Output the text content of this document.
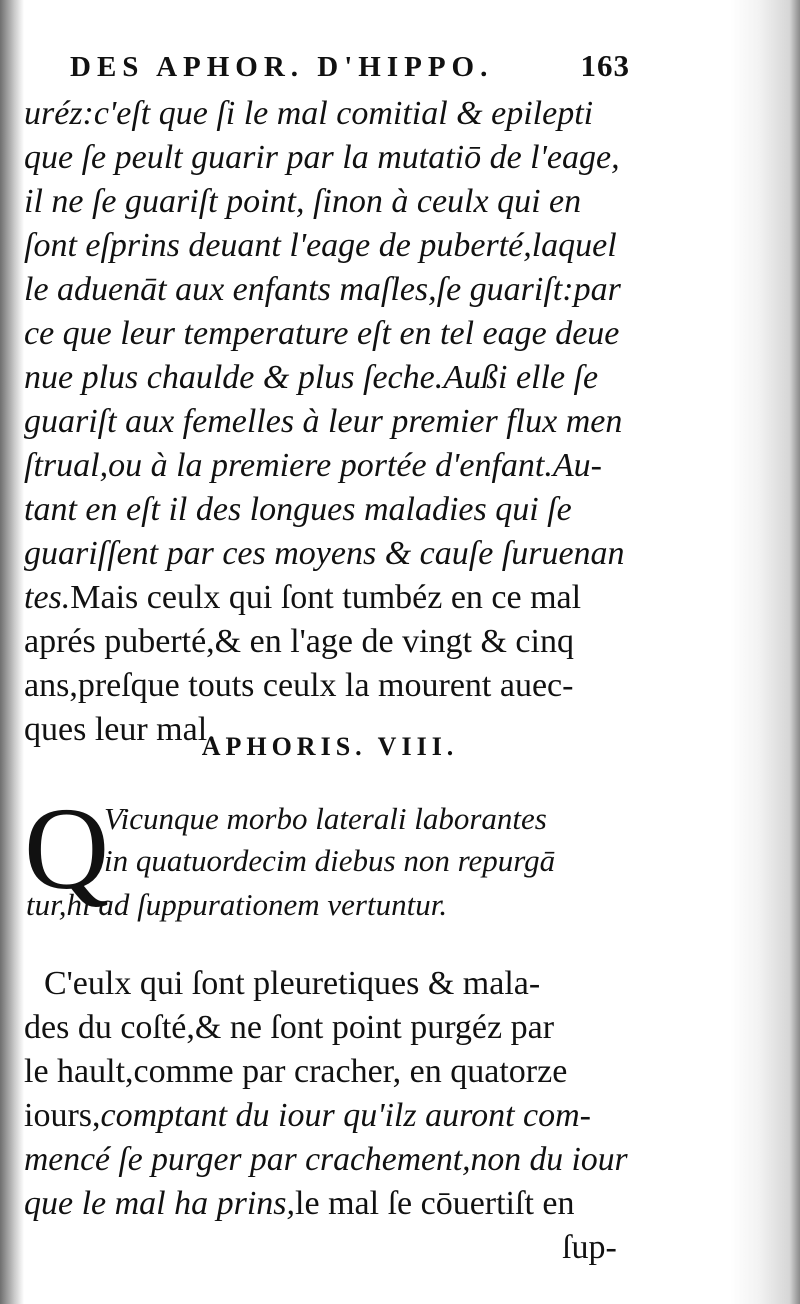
DES APHOR. D'HIPPO.	163
uréz:c'eſt que ſi le mal comitial & epilepti
que ſe peult guarir par la mutatiō de l'eage,
il ne ſe guariſt point, ſinon à ceulx qui en
ſont eſprins deuant l'eage de puberté,laquel
le aduenāt aux enfants maſles,ſe guariſt:par
ce que leur temperature eſt en tel eage deue
nue plus chaulde & plus ſeche.Außi elle ſe
guariſt aux femelles à leur premier flux men
ſtrual,ou à la premiere portée d'enfant.Au-
tant en eſt il des longues maladies qui ſe
guariſſent par ces moyens & cauſe ſuruenan
tes.Mais ceulx qui ſont tumbéz en ce mal
aprés puberté,& en l'age de vingt & cinq
ans,preſque touts ceulx la mourent auec-
ques leur mal.
APHORIS. VIII.
Q
Vicunque morbo laterali laborantes
in quatuordecim diebus non repurgā
tur,hi ad ſuppurationem vertuntur.
C'eulx qui ſont pleuretiques & mala-
des du coſté,& ne ſont point purgéz par
le hault,comme par cracher, en quatorze
iours,comptant du iour qu'ilz auront com-
mencé ſe purger par crachement,non du iour
que le mal ha prins,le mal ſe cōuertiſt en
ſup-
